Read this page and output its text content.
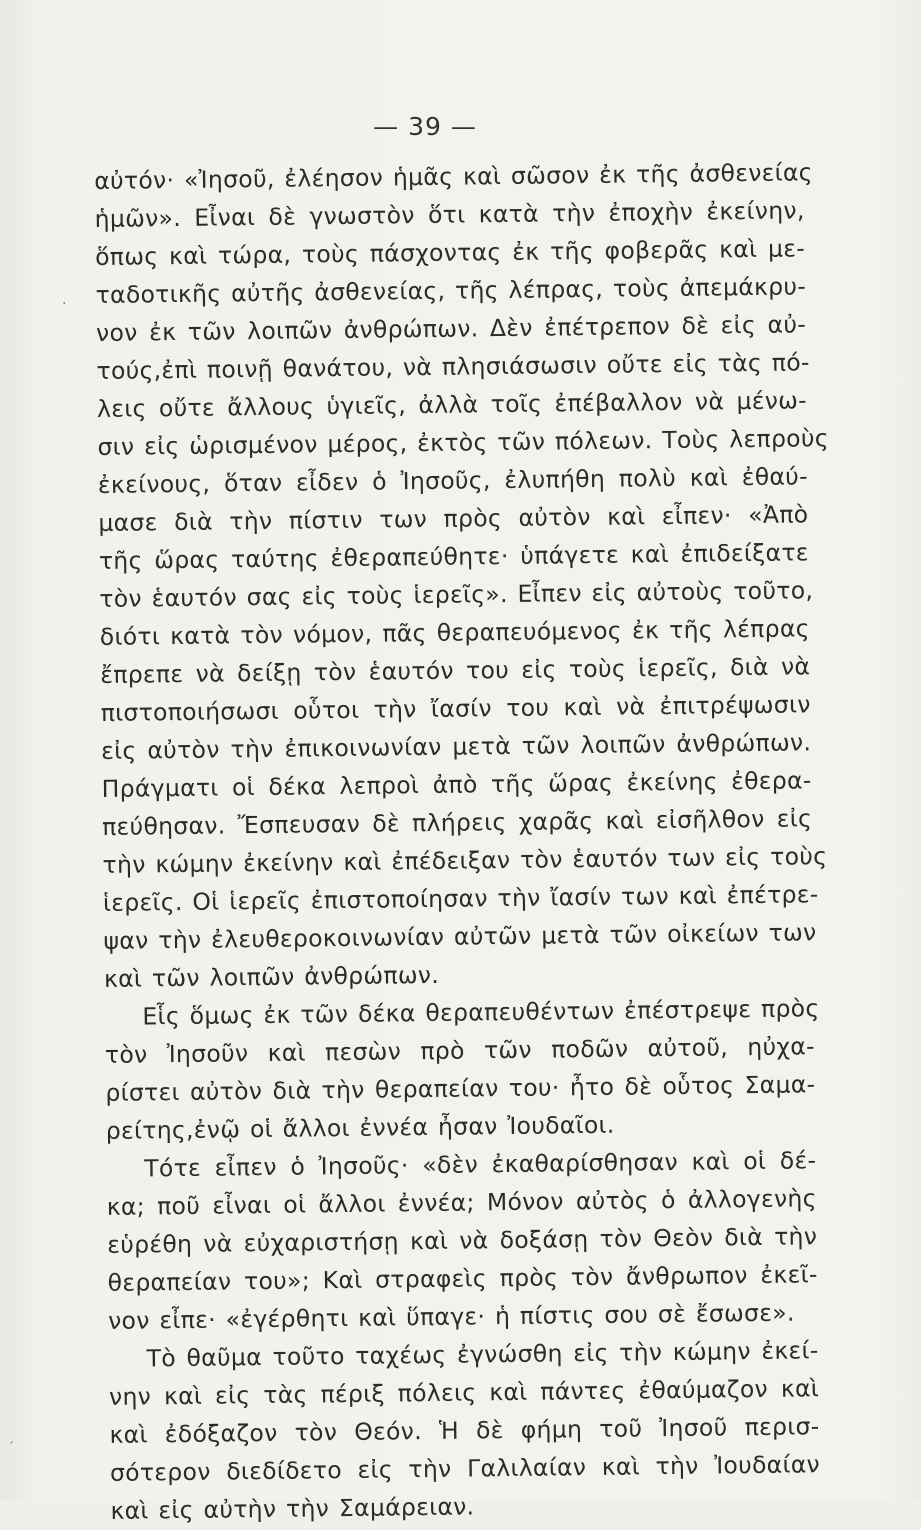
— 39 —
αὐτόν· «Ἰησοῦ, ἐλέησον ἡμᾶς καὶ σῶσον ἐκ τῆς ἀσθενείας
ἡμῶν». Εἶναι δὲ γνωστὸν ὅτι κατὰ τὴν ἐποχὴν ἐκείνην,
ὅπως καὶ τώρα, τοὺς πάσχοντας ἐκ τῆς φοβερᾶς καὶ με-
ταδοτικῆς αὐτῆς ἀσθενείας, τῆς λέπρας, τοὺς ἀπεμάκρυ-
νον ἐκ τῶν λοιπῶν ἀνθρώπων. Δὲν ἐπέτρεπον δὲ εἰς αὐ-
τούς,ἐπὶ ποινῇ θανάτου, νὰ πλησιάσωσιν οὔτε εἰς τὰς πό-
λεις οὔτε ἄλλους ὑγιεῖς, ἀλλὰ τοῖς ἐπέβαλλον νὰ μένω-
σιν εἰς ὡρισμένον μέρος, ἐκτὸς τῶν πόλεων. Τοὺς λεπροὺς
ἐκείνους, ὅταν εἶδεν ὁ Ἰησοῦς, ἐλυπήθη πολὺ καὶ ἐθαύ-
μασε διὰ τὴν πίστιν των πρὸς αὐτὸν καὶ εἶπεν· «Ἀπὸ
τῆς ὥρας ταύτης ἐθεραπεύθητε· ὑπάγετε καὶ ἐπιδείξατε
τὸν ἑαυτόν σας εἰς τοὺς ἱερεῖς». Εἶπεν εἰς αὐτοὺς τοῦτο,
διότι κατὰ τὸν νόμον, πᾶς θεραπευόμενος ἐκ τῆς λέπρας
ἔπρεπε νὰ δείξῃ τὸν ἑαυτόν του εἰς τοὺς ἱερεῖς, διὰ νὰ
πιστοποιήσωσι οὗτοι τὴν ἴασίν του καὶ νὰ ἐπιτρέψωσιν
εἰς αὐτὸν τὴν ἐπικοινωνίαν μετὰ τῶν λοιπῶν ἀνθρώπων.
Πράγματι οἱ δέκα λεπροὶ ἀπὸ τῆς ὥρας ἐκείνης ἐθερα-
πεύθησαν. Ἔσπευσαν δὲ πλήρεις χαρᾶς καὶ εἰσῆλθον εἰς
τὴν κώμην ἐκείνην καὶ ἐπέδειξαν τὸν ἑαυτόν των εἰς τοὺς
ἱερεῖς. Οἱ ἱερεῖς ἐπιστοποίησαν τὴν ἴασίν των καὶ ἐπέτρε-
ψαν τὴν ἐλευθεροκοινωνίαν αὐτῶν μετὰ τῶν οἰκείων των
καὶ τῶν λοιπῶν ἀνθρώπων.
Εἷς ὅμως ἐκ τῶν δέκα θεραπευθέντων ἐπέστρεψε πρὸς
τὸν Ἰησοῦν καὶ πεσὼν πρὸ τῶν ποδῶν αὐτοῦ, ηὐχα-
ρίστει αὐτὸν διὰ τὴν θεραπείαν του· ἦτο δὲ οὗτος Σαμα-
ρείτης,ἐνῷ οἱ ἄλλοι ἐννέα ἦσαν Ἰουδαῖοι.
Τότε εἶπεν ὁ Ἰησοῦς· «δὲν ἐκαθαρίσθησαν καὶ οἱ δέ-
κα; ποῦ εἶναι οἱ ἄλλοι ἐννέα; Μόνον αὐτὸς ὁ ἀλλογενὴς
εὑρέθη νὰ εὐχαριστήσῃ καὶ νὰ δοξάσῃ τὸν Θεὸν διὰ τὴν
θεραπείαν του»; Καὶ στραφεὶς πρὸς τὸν ἄνθρωπον ἐκεῖ-
νον εἶπε· «ἐγέρθητι καὶ ὕπαγε· ἡ πίστις σου σὲ ἔσωσε».
Τὸ θαῦμα τοῦτο ταχέως ἐγνώσθη εἰς τὴν κώμην ἐκεί-
νην καὶ εἰς τὰς πέριξ πόλεις καὶ πάντες ἐθαύμαζον καὶ
καὶ ἐδόξαζον τὸν Θεόν. Ἡ δὲ φήμη τοῦ Ἰησοῦ περισ-
σότερον διεδίδετο εἰς τὴν Γαλιλαίαν καὶ τὴν Ἰουδαίαν
καὶ εἰς αὐτὴν τὴν Σαμάρειαν.
·
′
